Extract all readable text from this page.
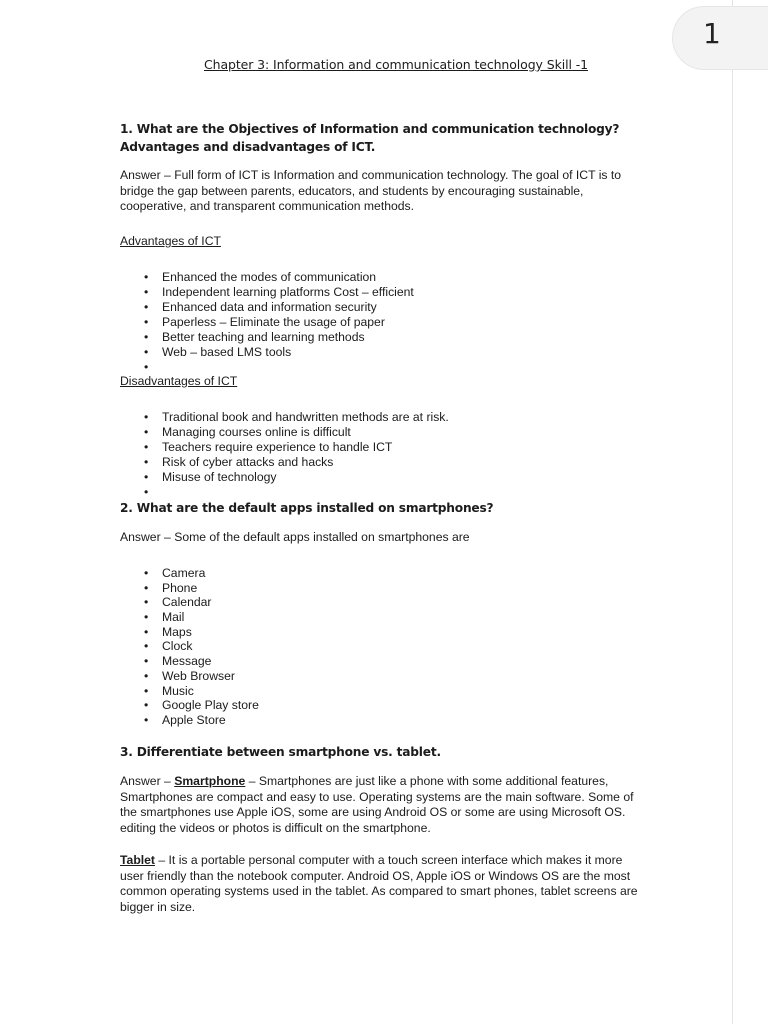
Chapter 3: Information and communication technology Skill -1
1. What are the Objectives of Information and communication technology? Advantages and disadvantages of ICT.
Answer – Full form of ICT is Information and communication technology. The goal of ICT is to bridge the gap between parents, educators, and students by encouraging sustainable, cooperative, and transparent communication methods.
Advantages of ICT
• Enhanced the modes of communication
• Independent learning platforms Cost – efficient
• Enhanced data and information security
• Paperless – Eliminate the usage of paper
• Better teaching and learning methods
• Web – based LMS tools
•
Disadvantages of ICT
• Traditional book and handwritten methods are at risk.
• Managing courses online is difficult
• Teachers require experience to handle ICT
• Risk of cyber attacks and hacks
• Misuse of technology
•
2. What are the default apps installed on smartphones?
Answer – Some of the default apps installed on smartphones are
• Camera
• Phone
• Calendar
• Mail
• Maps
• Clock
• Message
• Web Browser
• Music
• Google Play store
• Apple Store
3. Differentiate between smartphone vs. tablet.
Answer – Smartphone – Smartphones are just like a phone with some additional features, Smartphones are compact and easy to use. Operating systems are the main software. Some of the smartphones use Apple iOS, some are using Android OS or some are using Microsoft OS. editing the videos or photos is difficult on the smartphone.
Tablet – It is a portable personal computer with a touch screen interface which makes it more user friendly than the notebook computer. Android OS, Apple iOS or Windows OS are the most common operating systems used in the tablet. As compared to smart phones, tablet screens are bigger in size.
1
